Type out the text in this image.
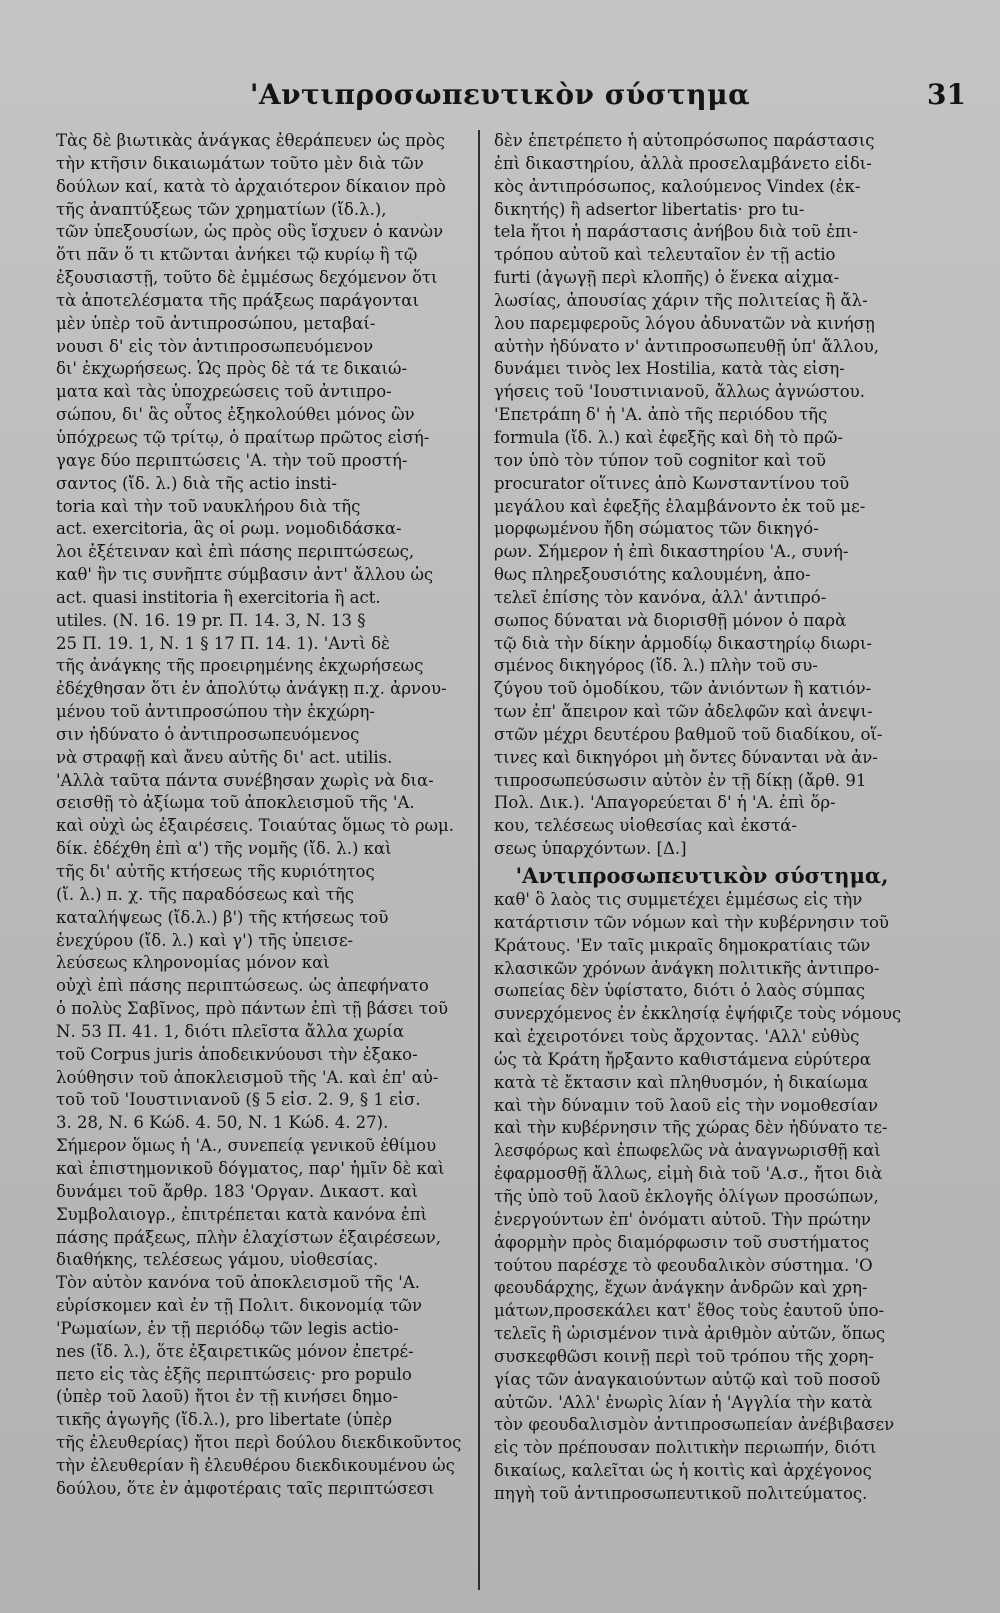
'Αντιπροσωπευτικὸν σύστημα	31

Τὰς δὲ βιωτικὰς ἀνάγκας ἐθεράπευεν ὡς πρὸς
τὴν κτῆσιν δικαιωμάτων τοῦτο μὲν διὰ τῶν
δούλων καί, κατὰ τὸ ἀρχαιότερον δίκαιον πρὸ
τῆς ἀναπτύξεως τῶν χρηματίων (ἴδ.λ.),
τῶν ὑπεξουσίων, ὡς πρὸς οὓς ἴσχυεν ὁ κανὼν
ὅτι πᾶν ὅ τι κτῶνται ἀνήκει τῷ κυρίῳ ἢ τῷ
ἐξουσιαστῇ, τοῦτο δὲ ἐμμέσως δεχόμενον ὅτι
τὰ ἀποτελέσματα τῆς πράξεως παράγονται
μὲν ὑπὲρ τοῦ ἀντιπροσώπου, μεταβαί-
νουσι δ' εἰς τὸν ἀντιπροσωπευόμενον
δι' ἐκχωρήσεως. Ὡς πρὸς δὲ τά τε δικαιώ-
ματα καὶ τὰς ὑποχρεώσεις τοῦ ἀντιπρο-
σώπου, δι' ἃς οὗτος ἐξηκολούθει μόνος ὢν
ὑπόχρεως τῷ τρίτῳ, ὁ πραίτωρ πρῶτος εἰσή-
γαγε δύο περιπτώσεις 'Α. τὴν τοῦ προστή-
σαντος (ἴδ. λ.) διὰ τῆς actio insti-
toria καὶ τὴν τοῦ ναυκλήρου διὰ τῆς
act. exercitoria, ἃς οἱ ρωμ. νομοδιδάσκα-
λοι ἐξέτειναν καὶ ἐπὶ πάσης περιπτώσεως,
καθ' ἣν τις συνῆπτε σύμβασιν ἀντ' ἄλλου ὡς
act. quasi institoria ἢ exercitoria ἢ act.
utiles. (Ν. 16. 19 pr. Π. 14. 3, Ν. 13 §
25 Π. 19. 1, Ν. 1 § 17 Π. 14. 1). 'Αντὶ δὲ
τῆς ἀνάγκης τῆς προειρημένης ἐκχωρήσεως
ἐδέχθησαν ὅτι ἐν ἀπολύτῳ ἀνάγκῃ π.χ. ἀρνου-
μένου τοῦ ἀντιπροσώπου τὴν ἐκχώρη-
σιν ἠδύνατο ὁ ἀντιπροσωπευόμενος
νὰ στραφῇ καὶ ἄνευ αὐτῆς δι' act. utilis.
'Αλλὰ ταῦτα πάντα συνέβησαν χωρὶς νὰ δια-
σεισθῇ τὸ ἀξίωμα τοῦ ἀποκλεισμοῦ τῆς 'Α.
καὶ οὐχὶ ὡς ἐξαιρέσεις. Τοιαύτας ὅμως τὸ ρωμ.
δίκ. ἐδέχθη ἐπὶ α') τῆς νομῆς (ἴδ. λ.) καὶ
τῆς δι' αὐτῆς κτήσεως τῆς κυριότητος
(ἴ. λ.) π. χ. τῆς παραδόσεως καὶ τῆς
καταλήψεως (ἴδ.λ.) β') τῆς κτήσεως τοῦ
ἐνεχύρου (ἴδ. λ.) καὶ γ') τῆς ὑπεισε-
λεύσεως κληρονομίας μόνον καὶ
οὐχὶ ἐπὶ πάσης περιπτώσεως. ὡς ἀπεφήνατο
ὁ πολὺς Σαβῖνος, πρὸ πάντων ἐπὶ τῇ βάσει τοῦ
Ν. 53 Π. 41. 1, διότι πλεῖστα ἄλλα χωρία
τοῦ Corpus juris ἀποδεικνύουσι τὴν ἐξακο-
λούθησιν τοῦ ἀποκλεισμοῦ τῆς 'Α. καὶ ἐπ' αὐ-
τοῦ τοῦ 'Ιουστινιανοῦ (§ 5 εἰσ. 2. 9, § 1 εἰσ.
3. 28, Ν. 6 Κώδ. 4. 50, Ν. 1 Κώδ. 4. 27).
Σήμερον ὅμως ἡ 'Α., συνεπείᾳ γενικοῦ ἐθίμου
καὶ ἐπιστημονικοῦ δόγματος, παρ' ἡμῖν δὲ καὶ
δυνάμει τοῦ ἄρθρ. 183 'Οργαν. Δικαστ. καὶ
Συμβολαιογρ., ἐπιτρέπεται κατὰ κανόνα ἐπὶ
πάσης πράξεως, πλὴν ἐλαχίστων ἐξαιρέσεων,
διαθήκης, τελέσεως γάμου, υἱοθεσίας.
Τὸν αὐτὸν κανόνα τοῦ ἀποκλεισμοῦ τῆς 'Α.
εὑρίσκομεν καὶ ἐν τῇ Πολιτ. δικονομίᾳ τῶν
'Ρωμαίων, ἐν τῇ περιόδῳ τῶν legis actio-
nes (ἴδ. λ.), ὅτε ἐξαιρετικῶς μόνον ἐπετρέ-
πετο εἰς τὰς ἑξῆς περιπτώσεις· pro populo
(ὑπὲρ τοῦ λαοῦ) ἤτοι ἐν τῇ κινήσει δημο-
τικῆς ἀγωγῆς (ἴδ.λ.), pro libertate (ὑπὲρ
τῆς ἐλευθερίας) ἤτοι περὶ δούλου διεκδικοῦντος
τὴν ἐλευθερίαν ἢ ἐλευθέρου διεκδικουμένου ὡς
δούλου, ὅτε ἐν ἀμφοτέραις ταῖς περιπτώσεσι

δὲν ἐπετρέπετο ἡ αὐτοπρόσωπος παράστασις
ἐπὶ δικαστηρίου, ἀλλὰ προσελαμβάνετο εἰδι-
κὸς ἀντιπρόσωπος, καλούμενος Vindex (ἐκ-
δικητής) ἢ adsertor libertatis· pro tu-
tela ἤτοι ἡ παράστασις ἀνήβου διὰ τοῦ ἐπι-
τρόπου αὐτοῦ καὶ τελευταῖον ἐν τῇ actio
furti (ἀγωγῇ περὶ κλοπῆς) ὁ ἕνεκα αἰχμα-
λωσίας, ἀπουσίας χάριν τῆς πολιτείας ἢ ἄλ-
λου παρεμφεροῦς λόγου ἀδυνατῶν νὰ κινήσῃ
αὐτὴν ἠδύνατο ν' ἀντιπροσωπευθῇ ὑπ' ἄλλου,
δυνάμει τινὸς lex Hostilia, κατὰ τὰς εἰση-
γήσεις τοῦ 'Ιουστινιανοῦ, ἄλλως ἀγνώστου.
'Επετράπη δ' ἡ 'Α. ἀπὸ τῆς περιόδου τῆς
formula (ἴδ. λ.) καὶ ἐφεξῆς καὶ δὴ τὸ πρῶ-
τον ὑπὸ τὸν τύπον τοῦ cognitor καὶ τοῦ
procurator οἵτινες ἀπὸ Κωνσταντίνου τοῦ
μεγάλου καὶ ἐφεξῆς ἐλαμβάνοντο ἐκ τοῦ με-
μορφωμένου ἤδη σώματος τῶν δικηγό-
ρων. Σήμερον ἡ ἐπὶ δικαστηρίου 'Α., συνή-
θως πληρεξουσιότης καλουμένη, ἀπο-
τελεῖ ἐπίσης τὸν κανόνα, ἀλλ' ἀντιπρό-
σωπος δύναται νὰ διορισθῇ μόνον ὁ παρὰ
τῷ διὰ τὴν δίκην ἁρμοδίῳ δικαστηρίῳ διωρι-
σμένος δικηγόρος (ἴδ. λ.) πλὴν τοῦ συ-
ζύγου τοῦ ὁμοδίκου, τῶν ἀνιόντων ἢ κατιόν-
των ἐπ' ἄπειρον καὶ τῶν ἀδελφῶν καὶ ἀνεψι-
στῶν μέχρι δευτέρου βαθμοῦ τοῦ διαδίκου, οἵ-
τινες καὶ δικηγόροι μὴ ὄντες δύνανται νὰ ἀν-
τιπροσωπεύσωσιν αὐτὸν ἐν τῇ δίκῃ (ἄρθ. 91
Πολ. Δικ.). 'Απαγορεύεται δ' ἡ 'Α. ἐπὶ ὅρ-
κου, τελέσεως υἱοθεσίας καὶ ἐκστά-
σεως ὑπαρχόντων. [Δ.]

'Αντιπροσωπευτικὸν σύστημα,

καθ' ὃ λαὸς τις συμμετέχει ἐμμέσως εἰς τὴν
κατάρτισιν τῶν νόμων καὶ τὴν κυβέρνησιν τοῦ
Κράτους. 'Εν ταῖς μικραῖς δημοκρατίαις τῶν
κλασικῶν χρόνων ἀνάγκη πολιτικῆς ἀντιπρο-
σωπείας δὲν ὑφίστατο, διότι ὁ λαὸς σύμπας
συνερχόμενος ἐν ἐκκλησίᾳ ἐψήφιζε τοὺς νόμους
καὶ ἐχειροτόνει τοὺς ἄρχοντας. 'Αλλ' εὐθὺς
ὡς τὰ Κράτη ἤρξαντο καθιστάμενα εὐρύτερα
κατὰ τὲ ἔκτασιν καὶ πληθυσμόν, ἡ δικαίωμα
καὶ τὴν δύναμιν τοῦ λαοῦ εἰς τὴν νομοθεσίαν
καὶ τὴν κυβέρνησιν τῆς χώρας δὲν ἠδύνατο τε-
λεσφόρως καὶ ἐπωφελῶς νὰ ἀναγνωρισθῇ καὶ
ἐφαρμοσθῇ ἄλλως, εἰμὴ διὰ τοῦ 'Α.σ., ἤτοι διὰ
τῆς ὑπὸ τοῦ λαοῦ ἐκλογῆς ὀλίγων προσώπων,
ἐνεργούντων ἐπ' ὀνόματι αὐτοῦ. Τὴν πρώτην
ἀφορμὴν πρὸς διαμόρφωσιν τοῦ συστήματος
τούτου παρέσχε τὸ φεουδαλικὸν σύστημα. 'Ο
φεουδάρχης, ἔχων ἀνάγκην ἀνδρῶν καὶ χρη-
μάτων,προσεκάλει κατ' ἔθος τοὺς ἑαυτοῦ ὑπο-
τελεῖς ἢ ὡρισμένον τινὰ ἀριθμὸν αὐτῶν, ὅπως
συσκεφθῶσι κοινῇ περὶ τοῦ τρόπου τῆς χορη-
γίας τῶν ἀναγκαιούντων αὐτῷ καὶ τοῦ ποσοῦ
αὐτῶν. 'Αλλ' ἐνωρὶς λίαν ἡ 'Αγγλία τὴν κατὰ
τὸν φεουδαλισμὸν ἀντιπροσωπείαν ἀνέβιβασεν
εἰς τὸν πρέπουσαν πολιτικὴν περιωπήν, διότι
δικαίως, καλεῖται ὡς ἡ κοιτὶς καὶ ἀρχέγονος
πηγὴ τοῦ ἀντιπροσωπευτικοῦ πολιτεύματος.
